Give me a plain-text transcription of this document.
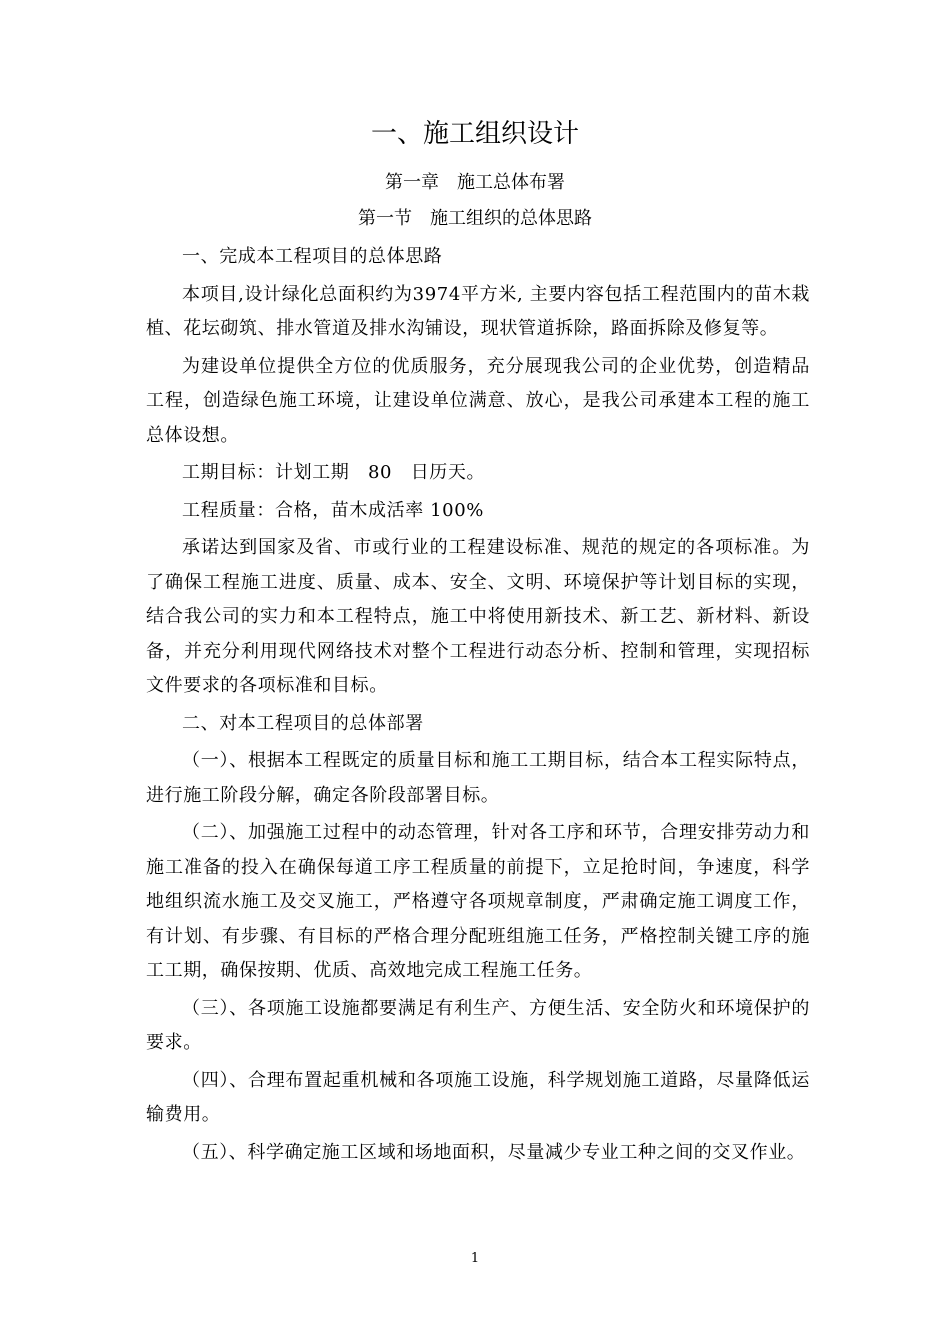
一、施工组织设计
第一章　施工总体布署
第一节　施工组织的总体思路

一、完成本工程项目的总体思路

本项目,设计绿化总面积约为3974平方米, 主要内容包括工程范围内的苗木栽植、花坛砌筑、排水管道及排水沟铺设，现状管道拆除，路面拆除及修复等。

为建设单位提供全方位的优质服务，充分展现我公司的企业优势，创造精品工程，创造绿色施工环境，让建设单位满意、放心，是我公司承建本工程的施工总体设想。

工期目标：计划工期　80　日历天。

工程质量：合格，苗木成活率 100%

承诺达到国家及省、市或行业的工程建设标准、规范的规定的各项标准。为了确保工程施工进度、质量、成本、安全、文明、环境保护等计划目标的实现，结合我公司的实力和本工程特点，施工中将使用新技术、新工艺、新材料、新设备，并充分利用现代网络技术对整个工程进行动态分析、控制和管理，实现招标文件要求的各项标准和目标。

二、对本工程项目的总体部署

（一）、根据本工程既定的质量目标和施工工期目标，结合本工程实际特点，进行施工阶段分解，确定各阶段部署目标。

（二）、加强施工过程中的动态管理，针对各工序和环节，合理安排劳动力和施工准备的投入在确保每道工序工程质量的前提下，立足抢时间，争速度，科学地组织流水施工及交叉施工，严格遵守各项规章制度，严肃确定施工调度工作，有计划、有步骤、有目标的严格合理分配班组施工任务，严格控制关键工序的施工工期，确保按期、优质、高效地完成工程施工任务。

（三）、各项施工设施都要满足有利生产、方便生活、安全防火和环境保护的要求。

（四）、合理布置起重机械和各项施工设施，科学规划施工道路，尽量降低运输费用。

（五）、科学确定施工区域和场地面积，尽量减少专业工种之间的交叉作业。

1
